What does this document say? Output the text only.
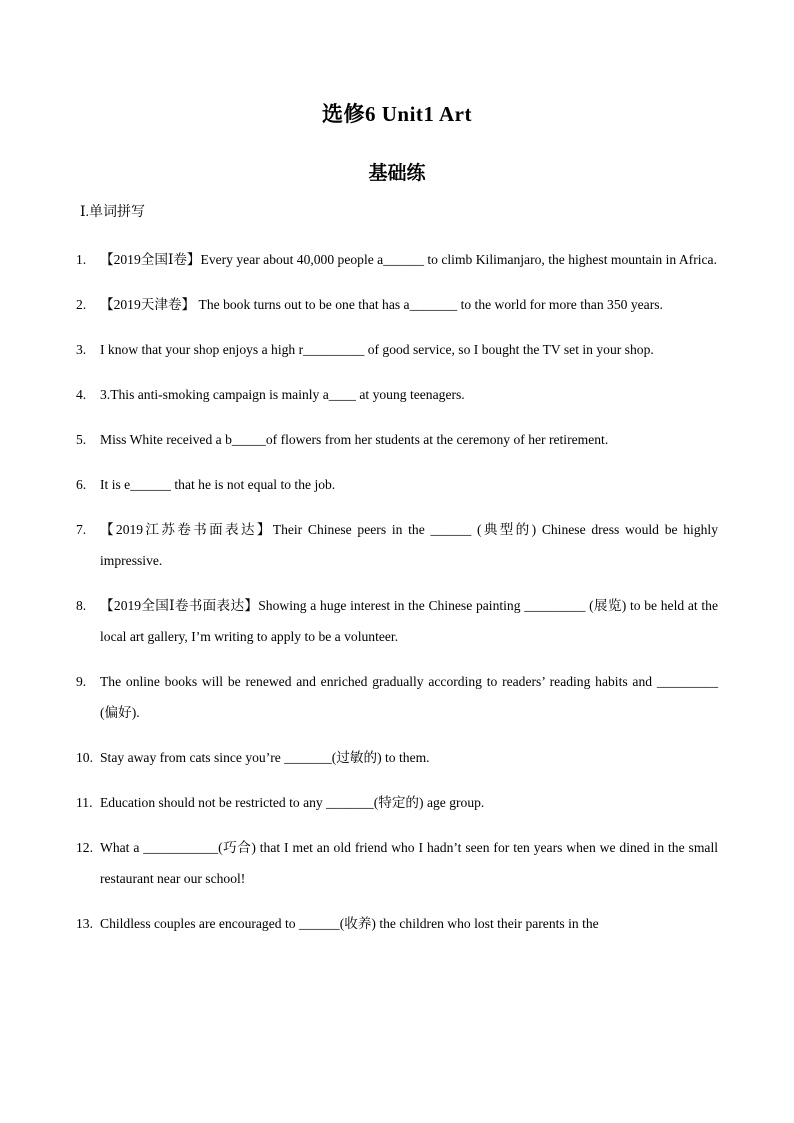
选修6 Unit1 Art
基础练
Ⅰ.单词拼写
1. 【2019全国Ⅰ卷】Every year about 40,000 people a______ to climb Kilimanjaro, the highest mountain in Africa.
2. 【2019天津卷】 The book turns out to be one that has a_______ to the world for more than 350 years.
3. I know that your shop enjoys a high r_________ of good service, so I bought the TV set in your shop.
4. 3.This anti-smoking campaign is mainly a____ at young teenagers.
5. Miss White received a b_____of flowers from her students at the ceremony of her retirement.
6. It is e______ that he is not equal to the job.
7. 【2019江苏卷书面表达】Their Chinese peers in the ______ (典型的) Chinese dress would be highly impressive.
8. 【2019全国Ⅰ卷书面表达】Showing a huge interest in the Chinese painting _________ (展览) to be held at the local art gallery, I’m writing to apply to be a volunteer.
9. The online books will be renewed and enriched gradually according to readers’ reading habits and _________ (偏好).
10. Stay away from cats since you’re _______(过敏的) to them.
11. Education should not be restricted to any _______(特定的) age group.
12. What a ___________(巧合) that I met an old friend who I hadn’t seen for ten years when we dined in the small restaurant near our school!
13. Childless couples are encouraged to ______(收养) the children who lost their parents in the
